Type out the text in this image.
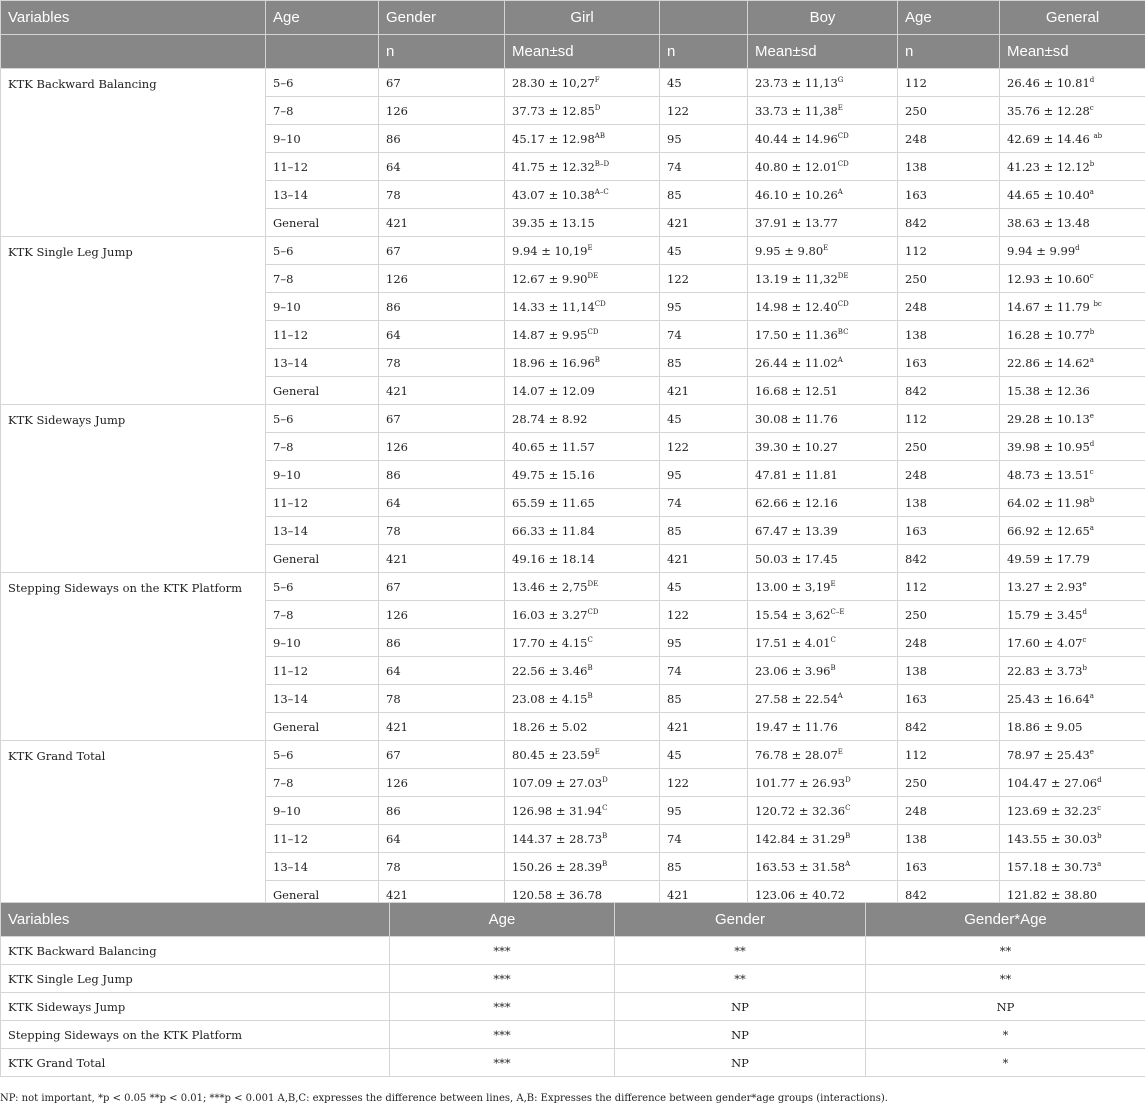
Variables	Age	Gender	Girl		Boy	Age	General
		n	Mean±sd	n	Mean±sd	n	Mean±sd
KTK Backward Balancing	5–6	67	$28.30 \pm 10,27^F$	45	$23.73 \pm 11,13^G$	112	26.46 ± 10.81$^d$
	7–8	126	$37.73 \pm 12.85^D$	122	$33.73 \pm 11,38^E$	250	35.76 ± 12.28$^c$
	9–10	86	$45.17 \pm 12.98^{AB}$	95	$40.44 \pm 14.96^{CD}$	248	42.69 ± 14.46 $^{ab}$
	11–12	64	$41.75 \pm 12.32^{B-D}$	74	$40.80 \pm 12.01^{CD}$	138	41.23 ± 12.12$^b$
	13–14	78	$43.07 \pm 10.38^{A-C}$	85	$46.10 \pm 10.26^A$	163	44.65 ± 10.40$^a$
	General	421	39.35 ± 13.15	421	37.91 ± 13.77	842	38.63 ± 13.48
KTK Single Leg Jump	5–6	67	$9.94 \pm 10,19^E$	45	$9.95 \pm 9.80^E$	112	9.94 ± 9.99$^d$
	7–8	126	12.67 ± 9.90DE	122	13.19 ± 11,32DE	250	12.93 ± 10.60$^c$
	9–10	86	$14.33 \pm 11,14^{CD}$	95	$14.98 \pm 12.40^{CD}$	248	14.67 ± 11.79 $^{bc}$
	11–12	64	$14.87 \pm 9.95^{CD}$	74	$17.50 \pm 11.36^{BC}$	138	16.28 ± 10.77$^b$
	13–14	78	$18.96 \pm 16.96^B$	85	$26.44 \pm 11.02^A$	163	22.86 ± 14.62$^a$
	General	421	14.07 ± 12.09	421	16.68 ± 12.51	842	15.38 ± 12.36
KTK Sideways Jump	5–6	67	28.74 ± 8.92	45	30.08 ± 11.76	112	29.28 ± 10.13$^e$
	7–8	126	40.65 ± 11.57	122	39.30 ± 10.27	250	39.98 ± 10.95$^d$
	9–10	86	49.75 ± 15.16	95	47.81 ± 11.81	248	48.73 ± 13.51$^c$
	11–12	64	65.59 ± 11.65	74	62.66 ± 12.16	138	64.02 ± 11.98$^b$
	13–14	78	66.33 ± 11.84	85	67.47 ± 13.39	163	66.92 ± 12.65$^a$
	General	421	49.16 ± 18.14	421	50.03 ± 17.45	842	49.59 ± 17.79
Stepping Sideways on the KTK Platform	5–6	67	13.46 ± 2,75DE	45	$13.00 \pm 3,19^E$	112	13.27 ± 2.93$^e$
	7–8	126	$16.03 \pm 3.27^{CD}$	122	$15.54 \pm 3,62^{C-E}$	250	15.79 ± 3.45$^d$
	9–10	86	$17.70 \pm 4.15^C$	95	$17.51 \pm 4.01^C$	248	17.60 ± 4.07$^c$
	11–12	64	$22.56 \pm 3.46^B$	74	$23.06 \pm 3.96^B$	138	22.83 ± 3.73$^b$
	13–14	78	$23.08 \pm 4.15^B$	85	$27.58 \pm 22.54^A$	163	25.43 ± 16.64$^a$
	General	421	18.26 ± 5.02	421	19.47 ± 11.76	842	18.86 ± 9.05
KTK Grand Total	5–6	67	$80.45 \pm 23.59^E$	45	$76.78 \pm 28.07^E$	112	78.97 ± 25.43$^e$
	7–8	126	$107.09 \pm 27.03^D$	122	$101.77 \pm 26.93^D$	250	104.47 ± 27.06$^d$
	9–10	86	$126.98 \pm 31.94^C$	95	$120.72 \pm 32.36^C$	248	123.69 ± 32.23$^c$
	11–12	64	$144.37 \pm 28.73^B$	74	$142.84 \pm 31.29^B$	138	143.55 ± 30.03$^b$
	13–14	78	$150.26 \pm 28.39^B$	85	$163.53 \pm 31.58^A$	163	157.18 ± 30.73$^a$
	General	421	120.58 ± 36.78	421	123.06 ± 40.72	842	121.82 ± 38.80
Variables	Age	Gender	Gender*Age
KTK Backward Balancing	***	**	**
KTK Single Leg Jump	***	**	**
KTK Sideways Jump	***	NP	NP
Stepping Sideways on the KTK Platform	***	NP	*
KTK Grand Total	***	NP	*
NP: not important, *p < 0.05 **p < 0.01; ***p < 0.001 A,B,C: expresses the difference between lines, A,B: Expresses the difference between gender*age groups (interactions).
